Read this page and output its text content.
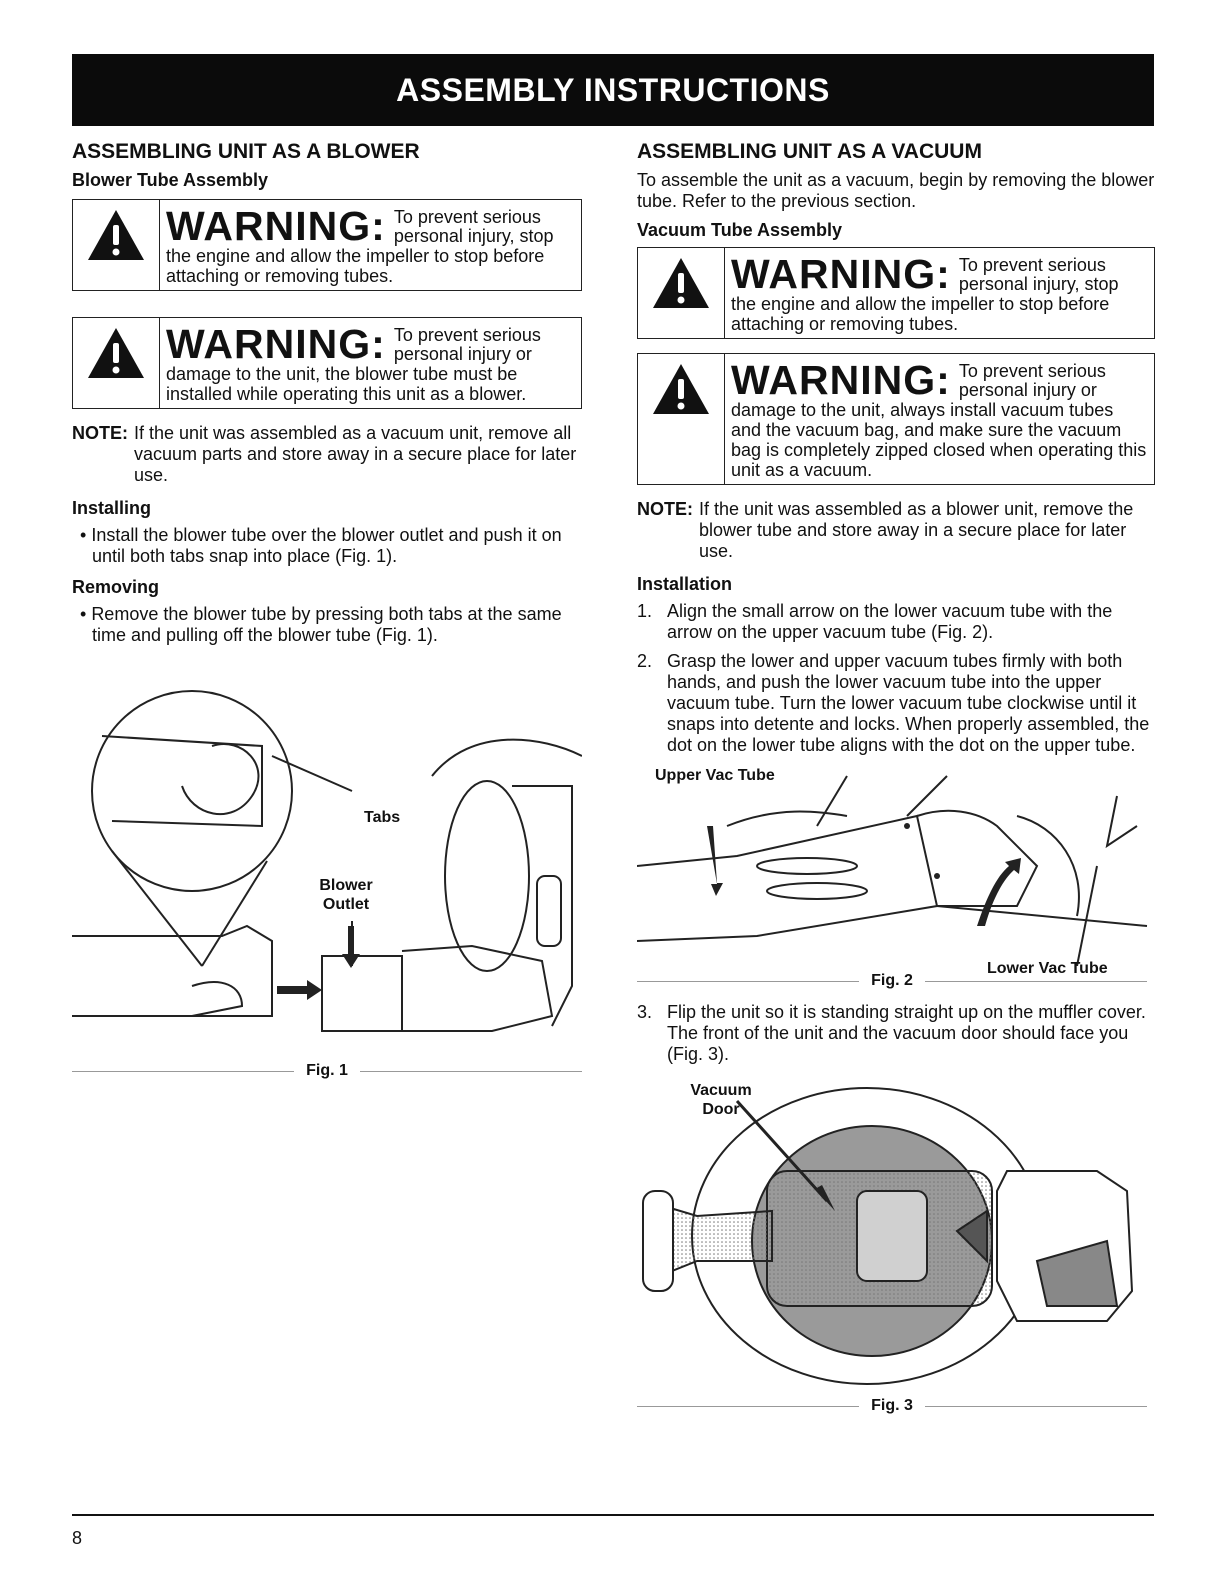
ASSEMBLY INSTRUCTIONS
ASSEMBLING UNIT AS A BLOWER
Blower Tube Assembly
WARNING: To prevent serious personal injury, stop
the engine and allow the impeller to stop before attaching or removing tubes.
WARNING: To prevent serious personal injury or
damage to the unit, the blower tube must be installed while operating this unit as a blower.
NOTE: If the unit was assembled as a vacuum unit, remove all vacuum parts and store away in a secure place for later use.
Installing
• Install the blower tube over the blower outlet and push it on until both tabs snap into place (Fig. 1).
Removing
• Remove the blower tube by pressing both tabs at the same time and pulling off the blower tube (Fig. 1).
Tabs
Blower Outlet
Fig. 1
ASSEMBLING UNIT AS A VACUUM

To assemble the unit as a vacuum, begin by removing the blower tube. Refer to the previous section.

Vacuum Tube Assembly
WARNING: To prevent serious personal injury, stop
the engine and allow the impeller to stop before attaching or removing tubes.
WARNING: To prevent serious personal injury or
damage to the unit, always install vacuum tubes and the vacuum bag, and make sure the vacuum bag is completely zipped closed when operating this unit as a vacuum.
NOTE: If the unit was assembled as a blower unit, remove the blower tube and store away in a secure place for later use.
Installation
1. Align the small arrow on the lower vacuum tube with the arrow on the upper vacuum tube (Fig. 2).
2. Grasp the lower and upper vacuum tubes firmly with both hands, and push the lower vacuum tube into the upper vacuum tube. Turn the lower vacuum tube clockwise until it snaps into detente and locks. When properly assembled, the dot on the lower tube aligns with the dot on the upper tube.
Upper Vac Tube
Lower Vac Tube
Fig. 2
3. Flip the unit so it is standing straight up on the muffler cover. The front of the unit and the vacuum door should face you (Fig. 3).
Vacuum Door
Fig. 3
8
